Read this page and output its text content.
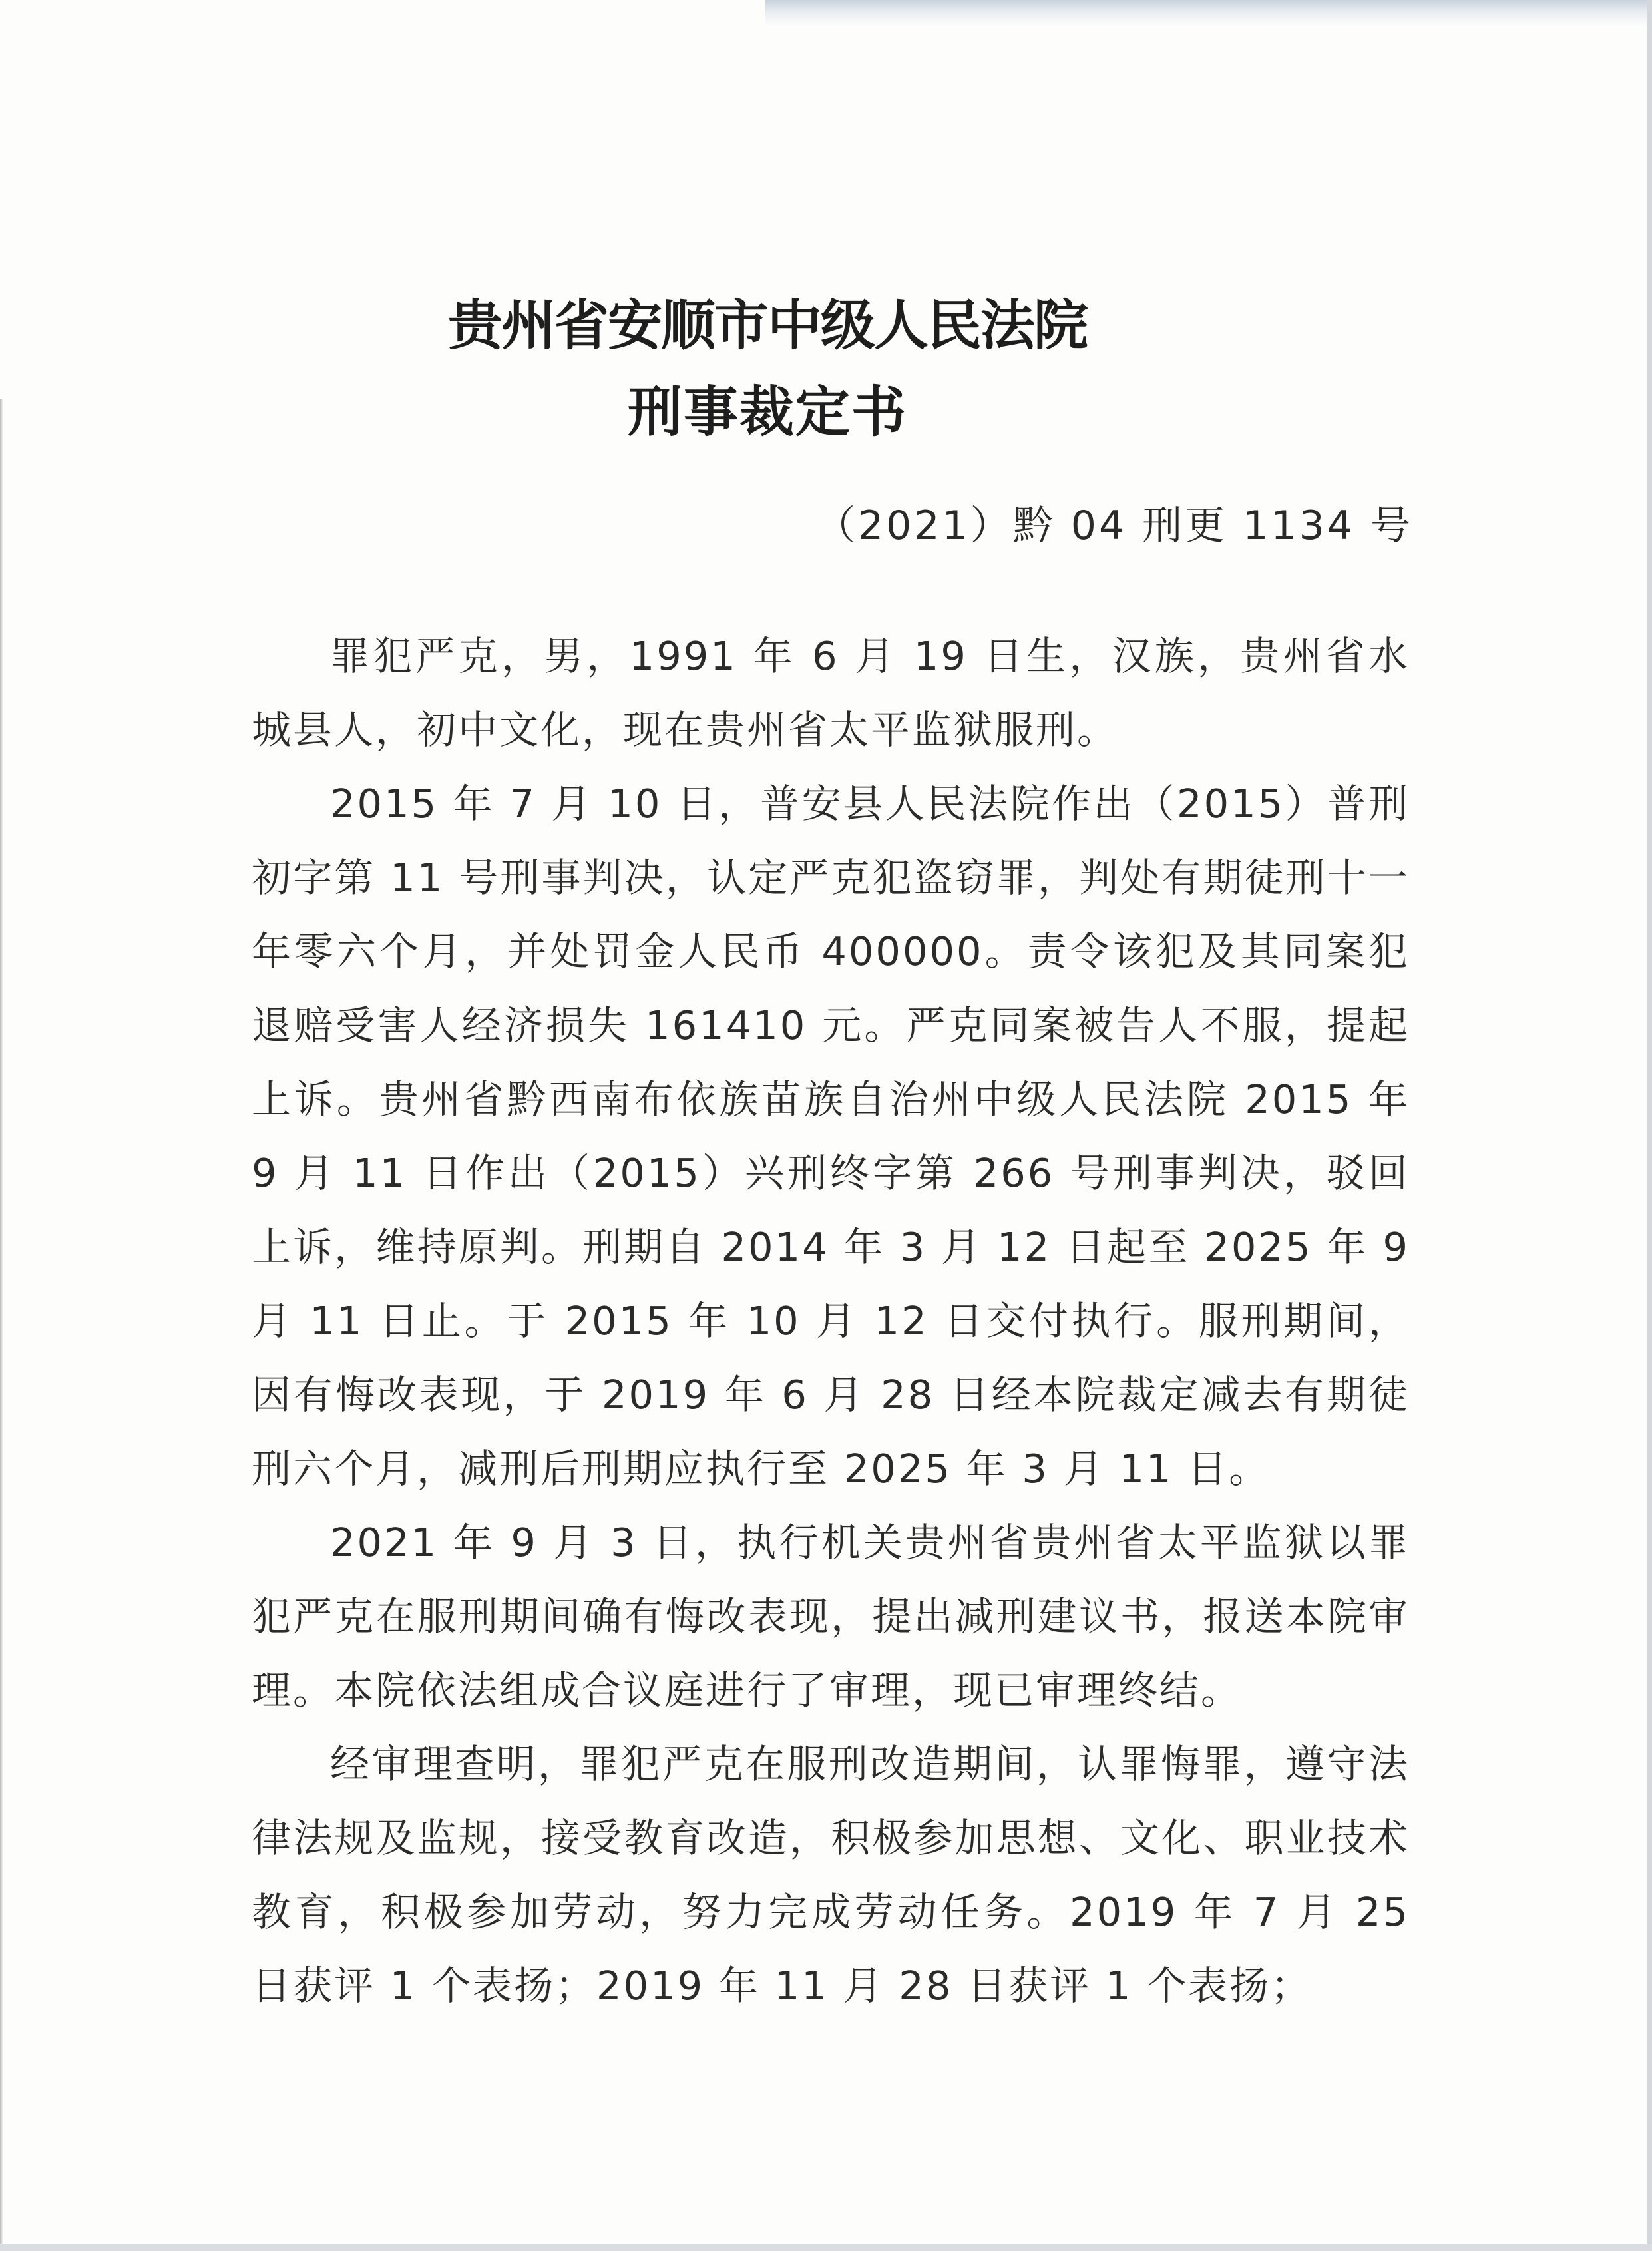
贵州省安顺市中级人民法院
刑事裁定书
（2021）黔 04 刑更 1134 号

罪犯严克，男，1991 年 6 月 19 日生，汉族，贵州省水城县人，初中文化，现在贵州省太平监狱服刑。

2015 年 7 月 10 日，普安县人民法院作出（2015）普刑初字第 11 号刑事判决，认定严克犯盗窃罪，判处有期徒刑十一年零六个月，并处罚金人民币 400000。责令该犯及其同案犯退赔受害人经济损失 161410 元。严克同案被告人不服，提起上诉。贵州省黔西南布依族苗族自治州中级人民法院 2015 年 9 月 11 日作出（2015）兴刑终字第 266 号刑事判决，驳回上诉，维持原判。刑期自 2014 年 3 月 12 日起至 2025 年 9 月 11 日止。于 2015 年 10 月 12 日交付执行。服刑期间，因有悔改表现，于 2019 年 6 月 28 日经本院裁定减去有期徒刑六个月，减刑后刑期应执行至 2025 年 3 月 11 日。

2021 年 9 月 3 日，执行机关贵州省贵州省太平监狱以罪犯严克在服刑期间确有悔改表现，提出减刑建议书，报送本院审理。本院依法组成合议庭进行了审理，现已审理终结。

经审理查明，罪犯严克在服刑改造期间，认罪悔罪，遵守法律法规及监规，接受教育改造，积极参加思想、文化、职业技术教育，积极参加劳动，努力完成劳动任务。2019 年 7 月 25 日获评 1 个表扬；2019 年 11 月 28 日获评 1 个表扬；
